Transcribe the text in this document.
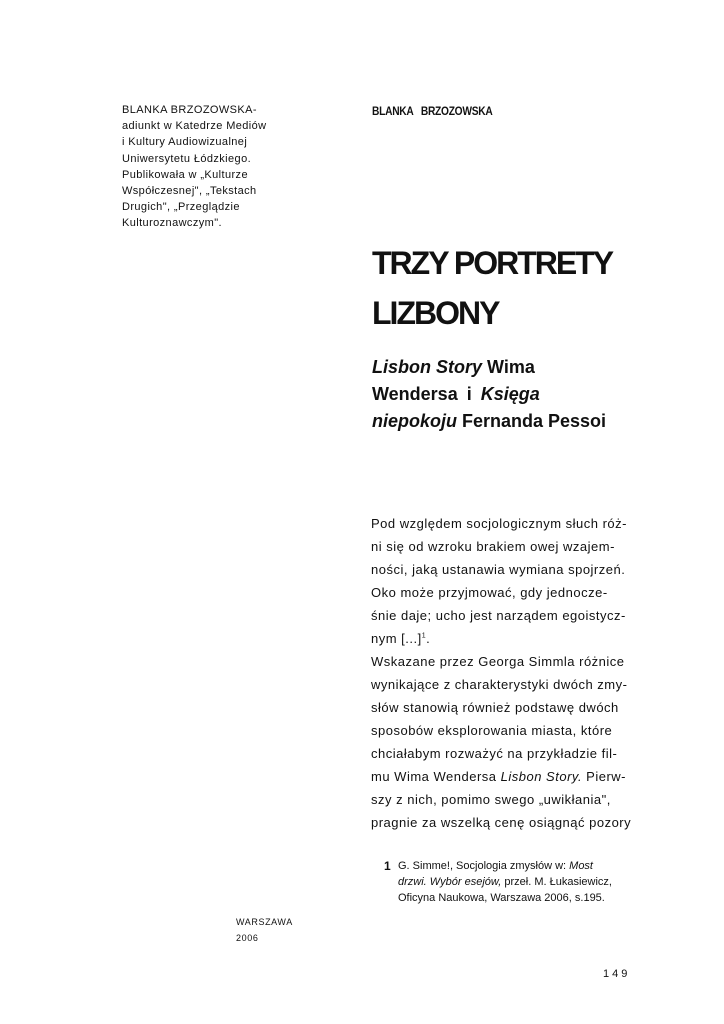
BLANKA BRZOZOWSKA-
adiunkt w Katedrze Mediów
i Kultury Audiowizualnej
Uniwersytetu Łódzkiego.
Publikowała w „Kulturze
Współczesnej", „Tekstach
Drugich", „Przeglądzie
Kulturoznawczym".
BLANKA BRZOZOWSKA
TRZY PORTRETY
LIZBONY
Lisbon Story Wima
Wendersa i Księga
niepokoju Fernanda Pessoi
Pod względem socjologicznym słuch róż-
ni się od wzroku brakiem owej wzajem-
ności, jaką ustanawia wymiana spojrzeń.
Oko może przyjmować, gdy jednocze-
śnie daje; ucho jest narządem egoistycz-
nym [...]$^1$.
Wskazane przez Georga Simmla różnice
wynikające z charakterystyki dwóch zmy-
słów stanowią również podstawę dwóch
sposobów eksplorowania miasta, które
chciałabym rozważyć na przykładzie fil-
mu Wima Wendersa Lisbon Story. Pierw-
szy z nich, pomimo swego „uwikłania",
pragnie za wszelką cenę osiągnąć pozory
1 G. Simme!, Socjologia zmysłów w: Most
drzwi. Wybór esejów, przeł. M. Łukasiewicz,
Oficyna Naukowa, Warszawa 2006, s.195.
WARSZAWA
2006
149
